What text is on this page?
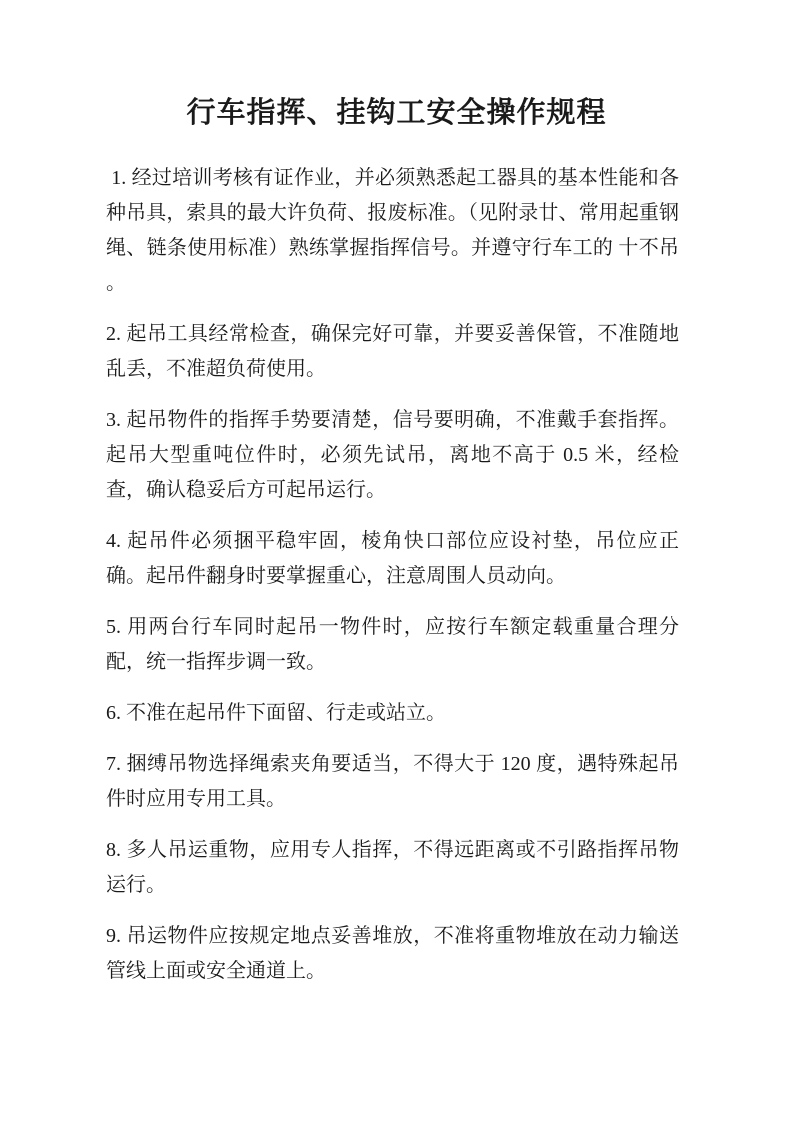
行车指挥、挂钩工安全操作规程

1. 经过培训考核有证作业，并必须熟悉起工器具的基本性能和各种吊具，索具的最大许负荷、报废标准。（见附录廿、常用起重钢绳、链条使用标准）熟练掌握指挥信号。并遵守行车工的 十不吊 。

2. 起吊工具经常检查，确保完好可靠，并要妥善保管，不准随地乱丢，不准超负荷使用。

3. 起吊物件的指挥手势要清楚，信号要明确，不准戴手套指挥。起吊大型重吨位件时，必须先试吊，离地不高于 0.5 米，经检查，确认稳妥后方可起吊运行。

4. 起吊件必须捆平稳牢固，棱角快口部位应设衬垫，吊位应正确。起吊件翻身时要掌握重心，注意周围人员动向。

5. 用两台行车同时起吊一物件时，应按行车额定载重量合理分配，统一指挥步调一致。

6. 不准在起吊件下面留、行走或站立。

7. 捆缚吊物选择绳索夹角要适当，不得大于 120 度，遇特殊起吊件时应用专用工具。

8. 多人吊运重物，应用专人指挥，不得远距离或不引路指挥吊物运行。

9. 吊运物件应按规定地点妥善堆放，不准将重物堆放在动力输送管线上面或安全通道上。
